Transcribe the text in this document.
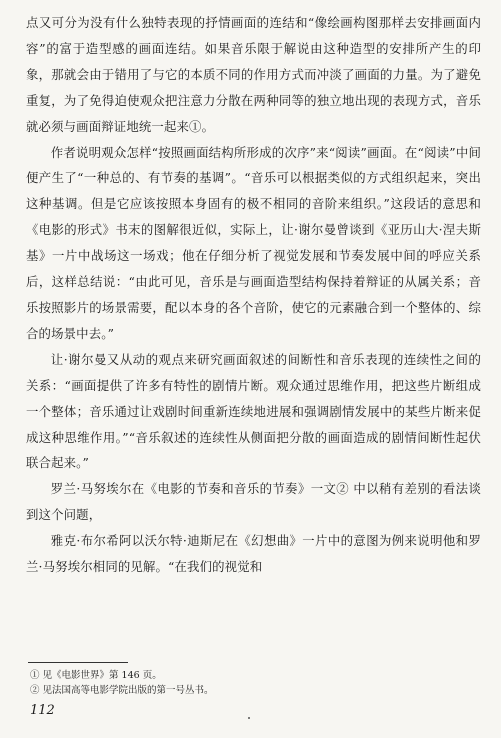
点又可分为没有什么独特表现的抒情画面的连结和“像绘画构图那样去安排画面内容”的富于造型感的画面连结。如果音乐限于解说由这种造型的安排所产生的印象，那就会由于错用了与它的本质不同的作用方式而冲淡了画面的力量。为了避免重复，为了免得迫使观众把注意力分散在两种同等的独立地出现的表现方式，音乐就必须与画面辩证地统一起来①。

作者说明观众怎样“按照画面结构所形成的次序”来“阅读”画面。在“阅读”中间便产生了“一种总的、有节奏的基调”。“音乐可以根据类似的方式组织起来，突出这种基调。但是它应该按照本身固有的极不相同的音阶来组织。”这段话的意思和《电影的形式》书末的图解很近似，实际上，让·谢尔曼曾谈到《亚历山大·涅夫斯基》一片中战场这一场戏；他在仔细分析了视觉发展和节奏发展中间的呼应关系后，这样总结说：“由此可见，音乐是与画面造型结构保持着辩证的从属关系；音乐按照影片的场景需要，配以本身的各个音阶，使它的元素融合到一个整体的、综合的场景中去。”

让·谢尔曼又从动的观点来研究画面叙述的间断性和音乐表现的连续性之间的关系：“画面提供了许多有特性的剧情片断。观众通过思维作用，把这些片断组成一个整体；音乐通过让戏剧时间重新连续地进展和强调剧情发展中的某些片断来促成这种思维作用。”“音乐叙述的连续性从侧面把分散的画面造成的剧情间断性起伏联合起来。”

罗兰·马努埃尔在《电影的节奏和音乐的节奏》一文② 中以稍有差别的看法谈到这个问题，

雅克·布尔希阿以沃尔特·迪斯尼在《幻想曲》一片中的意图为例来说明他和罗兰·马努埃尔相同的见解。“在我们的视觉和

① 见《电影世界》第 146 页。
② 见法国高等电影学院出版的第一号丛书。
112
